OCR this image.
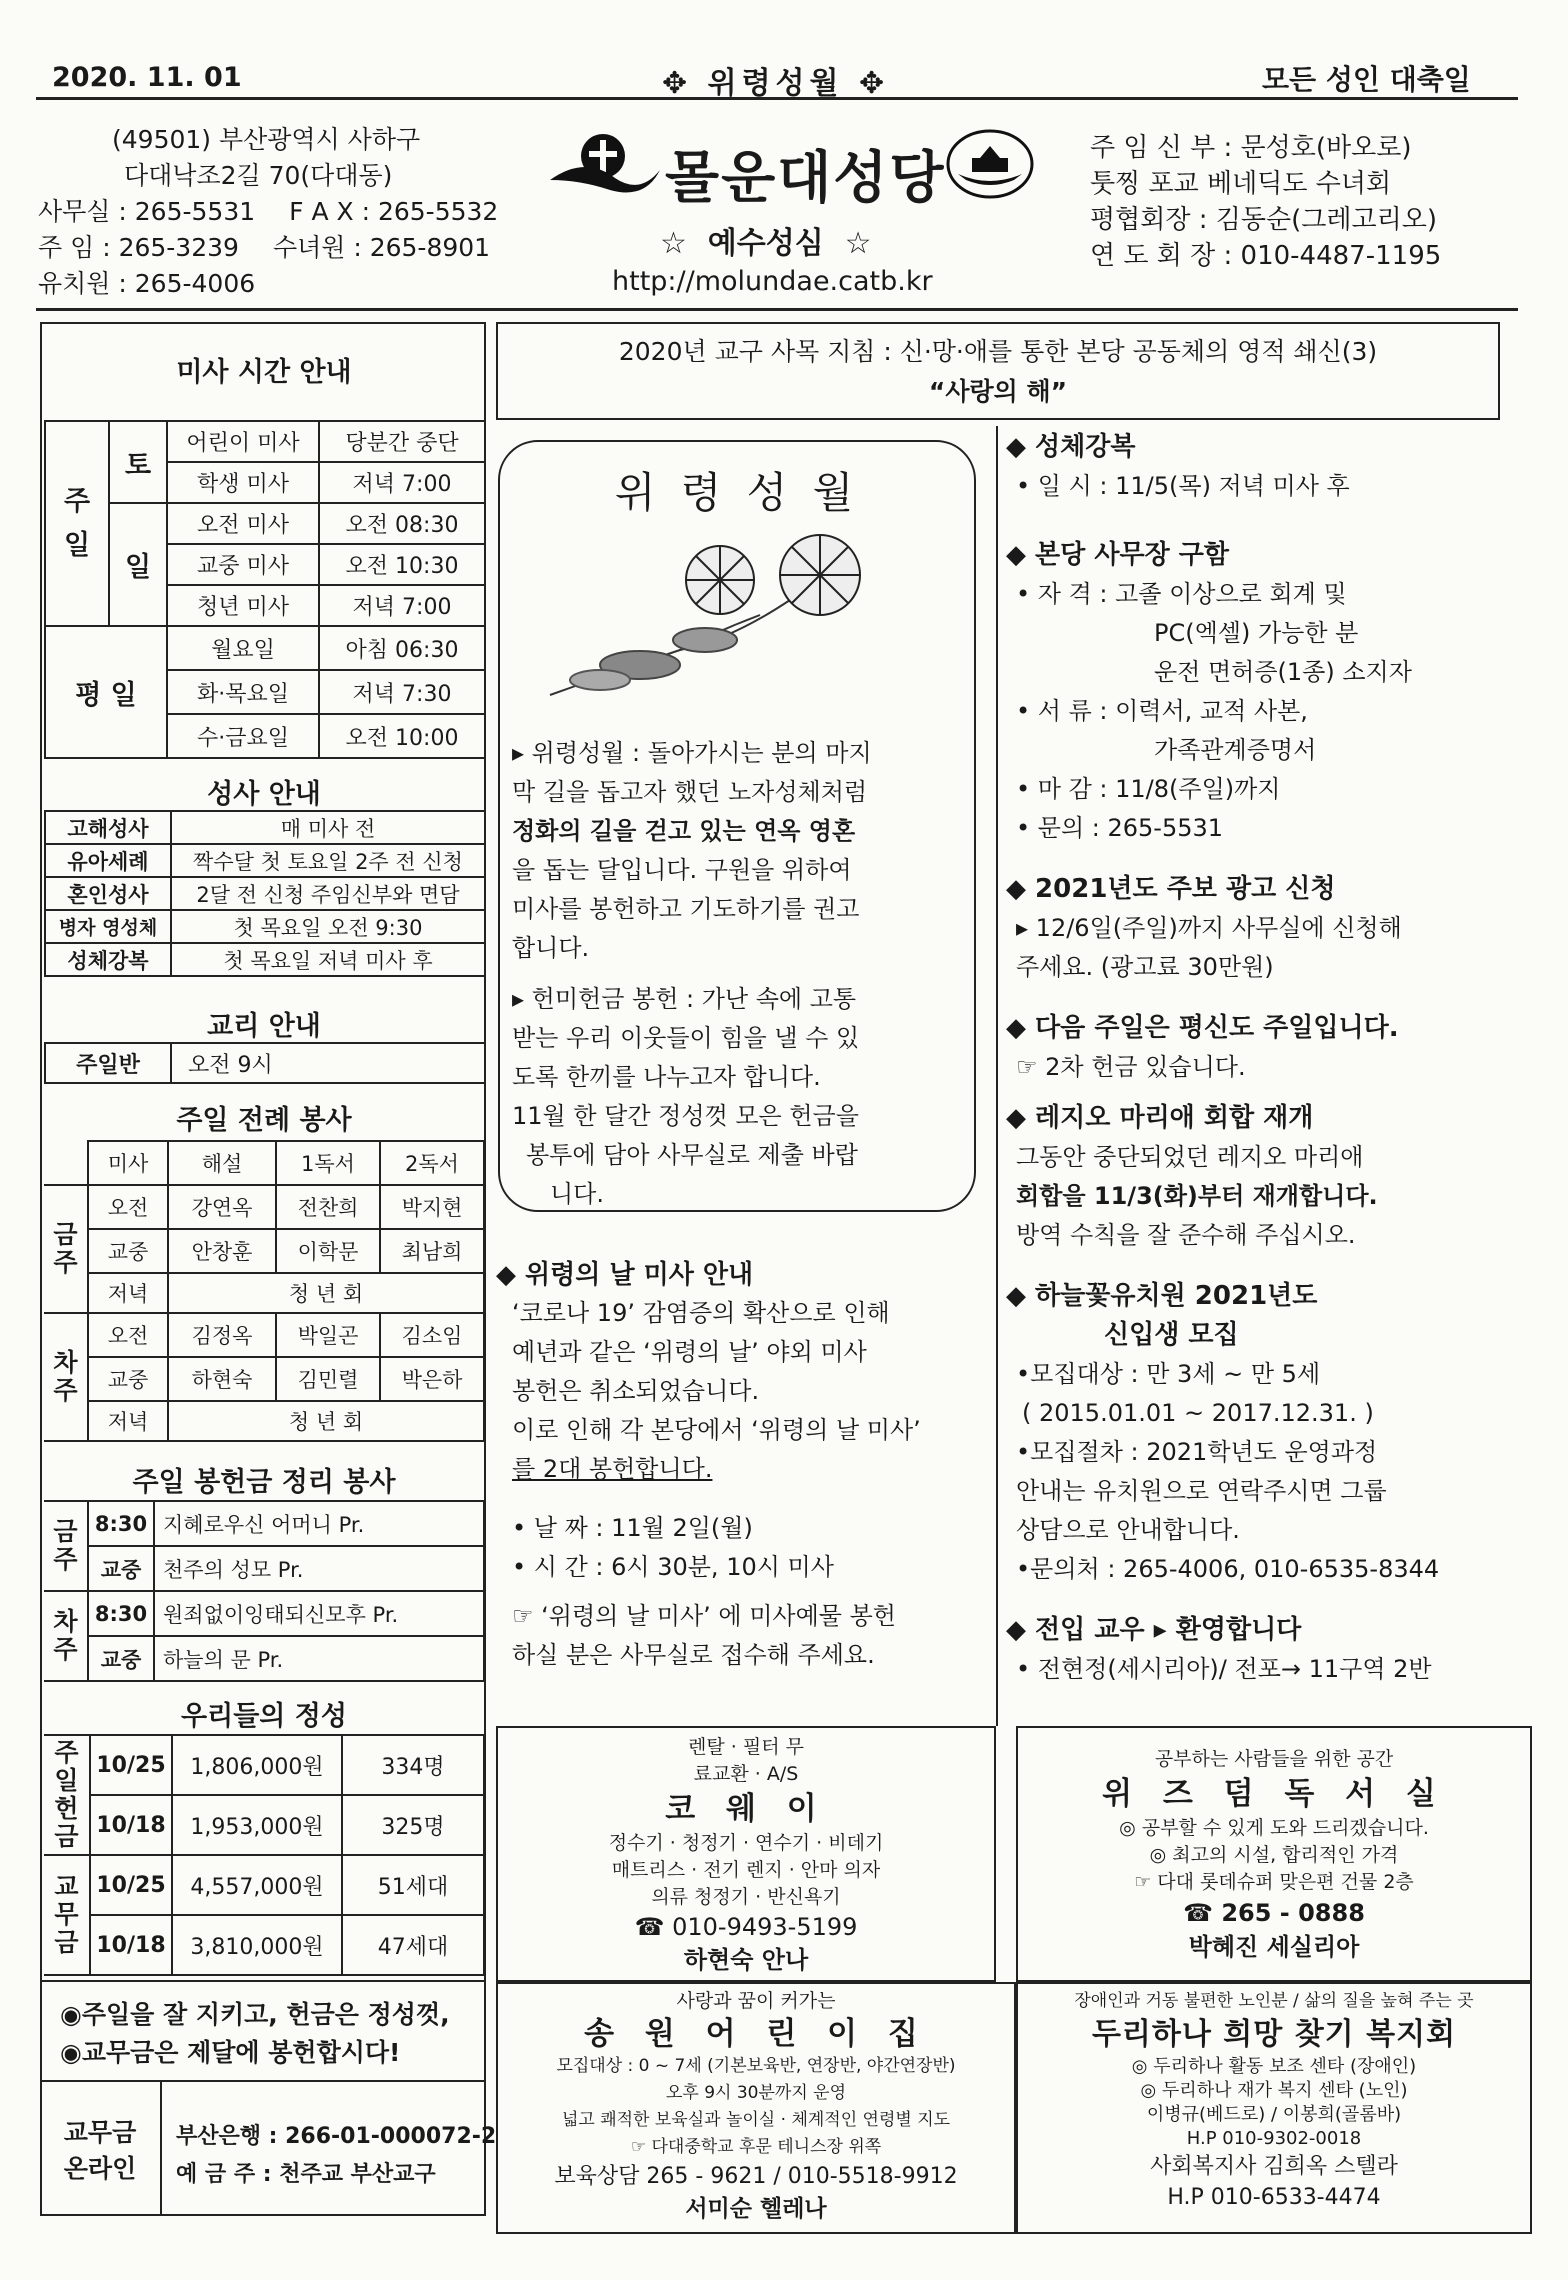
2020. 11. 01	✥ 위령성월 ✥	모든 성인 대축일
(49501) 부산광역시 사하구
다대낙조2길 70(다대동)
사무실 : 265-5531 F A X : 265-5532
주 임 : 265-3239 수녀원 : 265-8901
유치원 : 265-4006
몰운대성당
☆ 예수성심 ☆
http://molundae.catb.kr
주 임 신 부 : 문성호(바오로)
툿찡 포교 베네딕도 수녀회
평협회장 : 김동순(그레고리오)
연 도 회 장 : 010-4487-1195
미사 시간 안내
주
일	토	어린이 미사	당분간 중단
		학생 미사	저녁 7:00
	일	오전 미사	오전 08:30
		교중 미사	오전 10:30
		청년 미사	저녁 7:00
평 일		월요일	아침 06:30
		화·목요일	저녁 7:30
		수·금요일	오전 10:00
성사 안내
고해성사	매 미사 전
유아세례	짝수달 첫 토요일 2주 전 신청
혼인성사	2달 전 신청 주임신부와 면담
병자 영성체	첫 목요일 오전 9:30
성체강복	첫 목요일 저녁 미사 후
교리 안내
주일반	오전 9시
주일 전례 봉사
	미사	해설	1독서	2독서
금
주	오전	강연옥	전찬희	박지현
	교중	안창훈	이학문	최남희
	저녁	청 년 회		
차
주	오전	김정옥	박일곤	김소임
	교중	하현숙	김민렬	박은하
	저녁	청 년 회		
주일 봉헌금 정리 봉사
금
주	8:30	지혜로우신 어머니 Pr.
	교중	천주의 성모 Pr.
차
주	8:30	원죄없이잉태되신모후 Pr.
	교중	하늘의 문 Pr.
우리들의 정성
주
일
헌
금	10/25	1,806,000원	334명
	10/18	1,953,000원	325명
교
무
금	10/25	4,557,000원	51세대
	10/18	3,810,000원	47세대
◉주일을 잘 지키고, 헌금은 정성껏,
◉교무금은 제달에 봉헌합시다!
교무금
온라인
부산은행 : 266-01-000072-2
예 금 주 : 천주교 부산교구
2020년 교구 사목 지침 : 신·망·애를 통한 본당 공동체의 영적 쇄신(3)
“사랑의 해”
위 령 성 월

▸ 위령성월 : 돌아가시는 분의 마지

막 길을 돕고자 했던 노자성체처럼

정화의 길을 걷고 있는 연옥 영혼

을 돕는 달입니다. 구원을 위하여

미사를 봉헌하고 기도하기를 권고

합니다.

▸ 헌미헌금 봉헌 : 가난 속에 고통

받는 우리 이웃들이 힘을 낼 수 있

도록 한끼를 나누고자 합니다.

11월 한 달간 정성껏 모은 헌금을

봉투에 담아 사무실로 제출 바랍

니다.

◆ 위령의 날 미사 안내

‘코로나 19’ 감염증의 확산으로 인해

예년과 같은 ‘위령의 날’ 야외 미사

봉헌은 취소되었습니다.

이로 인해 각 본당에서 ‘위령의 날 미사’

를 2대 봉헌합니다.

• 날 짜 : 11월 2일(월)

• 시 간 : 6시 30분, 10시 미사

☞ ‘위령의 날 미사’ 에 미사예물 봉헌

하실 분은 사무실로 접수해 주세요.

◆ 성체강복

• 일 시 : 11/5(목) 저녁 미사 후

◆ 본당 사무장 구함

• 자 격 : 고졸 이상으로 회계 및

PC(엑셀) 가능한 분

운전 면허증(1종) 소지자

• 서 류 : 이력서, 교적 사본,

가족관계증명서

• 마 감 : 11/8(주일)까지

• 문의 : 265-5531

◆ 2021년도 주보 광고 신청

▸ 12/6일(주일)까지 사무실에 신청해

주세요. (광고료 30만원)

◆ 다음 주일은 평신도 주일입니다.

☞ 2차 헌금 있습니다.

◆ 레지오 마리애 회합 재개

그동안 중단되었던 레지오 마리애

회합을 11/3(화)부터 재개합니다.

방역 수칙을 잘 준수해 주십시오.

◆ 하늘꽃유치원 2021년도

신입생 모집

•모집대상 : 만 3세 ~ 만 5세

( 2015.01.01 ~ 2017.12.31. )

•모집절차 : 2021학년도 운영과정

안내는 유치원으로 연락주시면 그룹

상담으로 안내합니다.

•문의처 : 265-4006, 010-6535-8344

◆ 전입 교우 ▸ 환영합니다

• 전현정(세시리아)/ 전포→ 11구역 2반

렌탈 · 필터 무
료교환 · A/S
코 웨 이
정수기 · 청정기 · 연수기 · 비데기
매트리스 · 전기 렌지 · 안마 의자
의류 청정기 · 반신욕기
☎ 010-9493-5199
하현숙 안나
공부하는 사람들을 위한 공간
위 즈 덤 독 서 실
◎ 공부할 수 있게 도와 드리겠습니다.
◎ 최고의 시설, 합리적인 가격
☞ 다대 롯데슈퍼 맞은편 건물 2층
☎ 265 - 0888
박혜진 세실리아
사랑과 꿈이 커가는
송 원 어 린 이 집
모집대상 : 0 ~ 7세 (기본보육반, 연장반, 야간연장반)
오후 9시 30분까지 운영
넓고 쾌적한 보육실과 놀이실 · 체계적인 연령별 지도
☞ 다대중학교 후문 테니스장 위쪽
보육상담 265 - 9621 / 010-5518-9912
서미순 헬레나
장애인과 거동 불편한 노인분 / 삶의 질을 높혀 주는 곳
두리하나 희망 찾기 복지회
◎ 두리하나 활동 보조 센타 (장애인)
◎ 두리하나 재가 복지 센타 (노인)
이병규(베드로) / 이봉희(골롬바)
H.P 010-9302-0018
사회복지사 김희옥 스텔라
H.P 010-6533-4474
